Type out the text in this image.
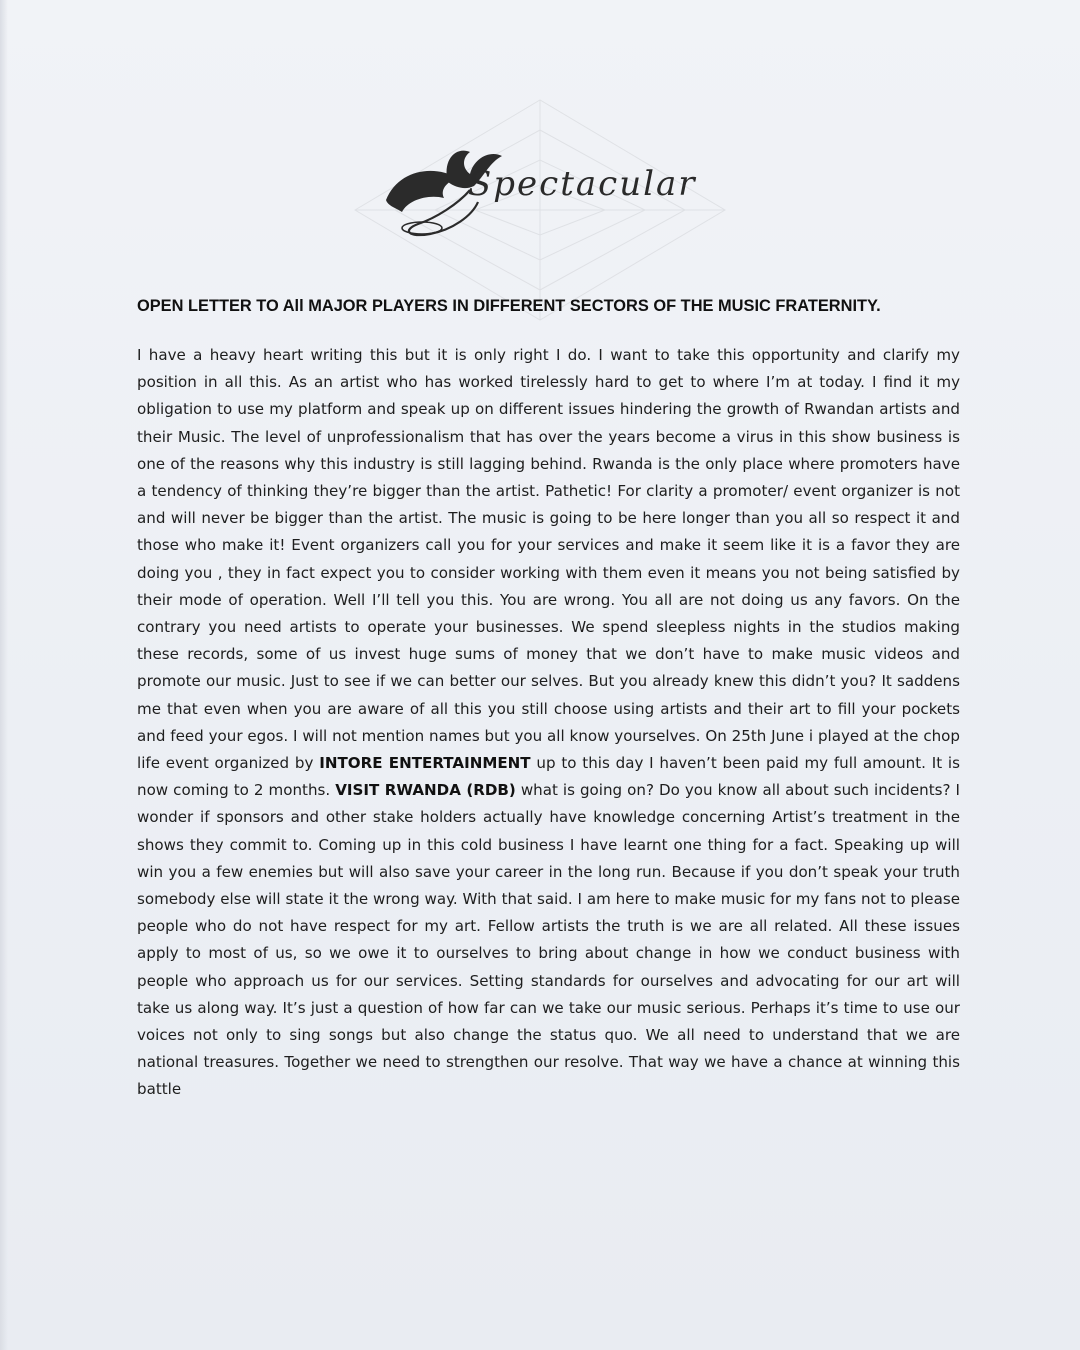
Spectacular
OPEN LETTER TO All MAJOR PLAYERS IN DIFFERENT SECTORS OF THE MUSIC FRATERNITY.
I have a heavy heart writing this but it is only right I do. I want to take this opportunity and clarify my position in all this. As an artist who has worked tirelessly hard to get to where I’m at today. I find it my obligation to use my platform and speak up on different issues hindering the growth of Rwandan artists and their Music. The level of unprofessionalism that has over the years become a virus in this show business is one of the reasons why this industry is still lagging behind. Rwanda is the only place where promoters have a tendency of thinking they’re bigger than the artist. Pathetic! For clarity a promoter/ event organizer is not and will never be bigger than the artist. The music is going to be here longer than you all so respect it and those who make it! Event organizers call you for your services and make it seem like it is a favor they are doing you , they in fact expect you to consider working with them even it means you not being satisfied by their mode of operation. Well I’ll tell you this. You are wrong. You all are not doing us any favors. On the contrary you need artists to operate your businesses. We spend sleepless nights in the studios making these records, some of us invest huge sums of money that we don’t have to make music videos and promote our music. Just to see if we can better our selves. But you already knew this didn’t you? It saddens me that even when you are aware of all this you still choose using artists and their art to fill your pockets and feed your egos. I will not mention names but you all know yourselves. On 25th June i played at the chop life event organized by INTORE ENTERTAINMENT up to this day I haven’t been paid my full amount. It is now coming to 2 months. VISIT RWANDA (RDB) what is going on? Do you know all about such incidents? I wonder if sponsors and other stake holders actually have knowledge concerning Artist’s treatment in the shows they commit to. Coming up in this cold business I have learnt one thing for a fact. Speaking up will win you a few enemies but will also save your career in the long run. Because if you don’t speak your truth somebody else will state it the wrong way. With that said. I am here to make music for my fans not to please people who do not have respect for my art. Fellow artists the truth is we are all related. All these issues apply to most of us, so we owe it to ourselves to bring about change in how we conduct business with people who approach us for our services. Setting standards for ourselves and advocating for our art will take us along way. It’s just a question of how far can we take our music serious. Perhaps it’s time to use our voices not only to sing songs but also change the status quo. We all need to understand that we are national treasures. Together we need to strengthen our resolve. That way we have a chance at winning this battle
